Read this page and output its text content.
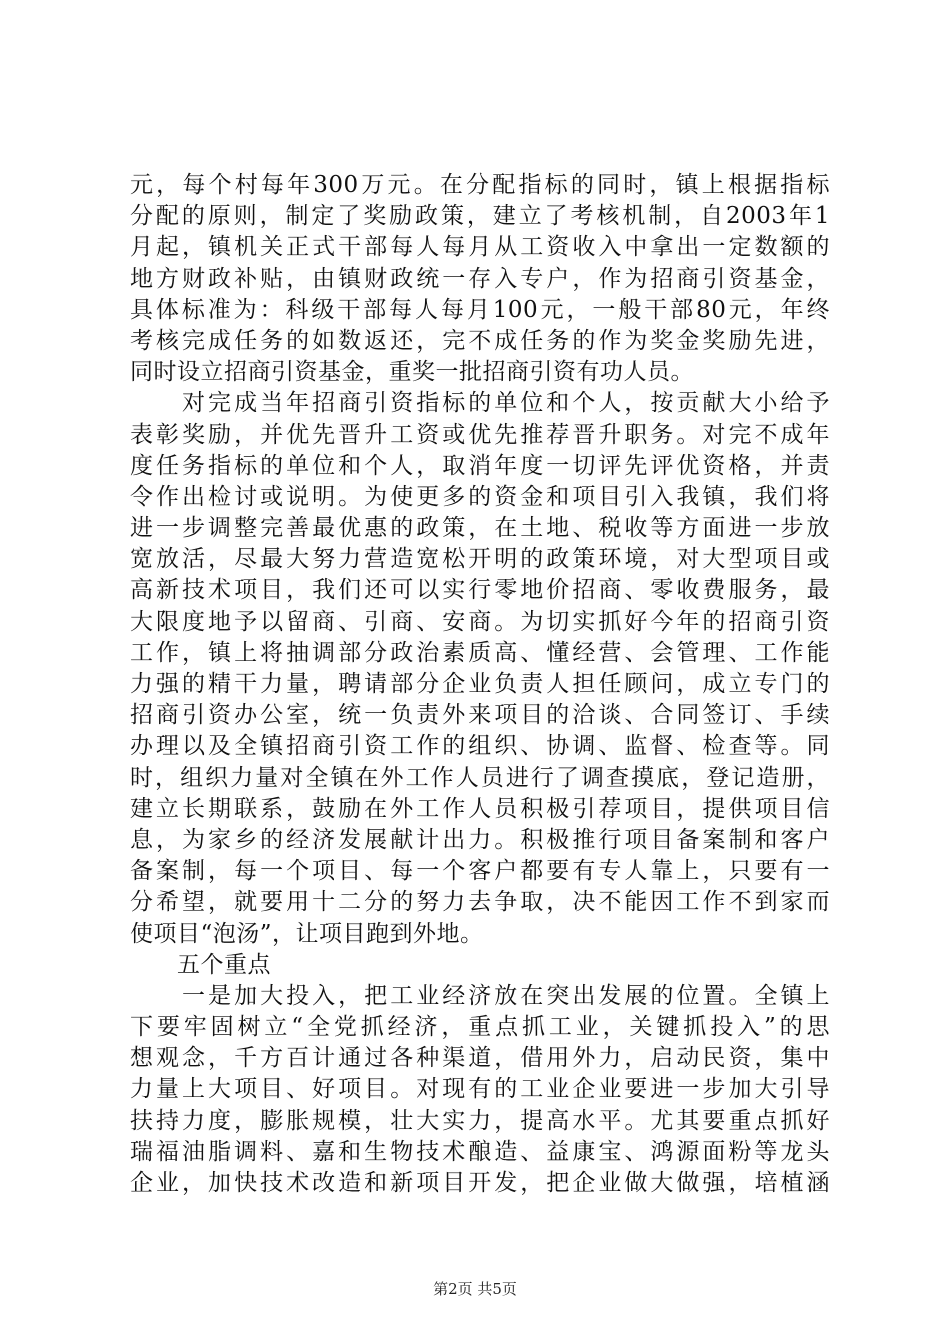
元，每个村每年300万元。在分配指标的同时，镇上根据指标
分配的原则，制定了奖励政策，建立了考核机制，自2003年1
月起，镇机关正式干部每人每月从工资收入中拿出一定数额的
地方财政补贴，由镇财政统一存入专户，作为招商引资基金，
具体标准为：科级干部每人每月100元，一般干部80元，年终
考核完成任务的如数返还，完不成任务的作为奖金奖励先进，
同时设立招商引资基金，重奖一批招商引资有功人员。
　　对完成当年招商引资指标的单位和个人，按贡献大小给予
表彰奖励，并优先晋升工资或优先推荐晋升职务。对完不成年
度任务指标的单位和个人，取消年度一切评先评优资格，并责
令作出检讨或说明。为使更多的资金和项目引入我镇，我们将
进一步调整完善最优惠的政策，在土地、税收等方面进一步放
宽放活，尽最大努力营造宽松开明的政策环境，对大型项目或
高新技术项目，我们还可以实行零地价招商、零收费服务，最
大限度地予以留商、引商、安商。为切实抓好今年的招商引资
工作，镇上将抽调部分政治素质高、懂经营、会管理、工作能
力强的精干力量，聘请部分企业负责人担任顾问，成立专门的
招商引资办公室，统一负责外来项目的洽谈、合同签订、手续
办理以及全镇招商引资工作的组织、协调、监督、检查等。同
时，组织力量对全镇在外工作人员进行了调查摸底，登记造册，
建立长期联系，鼓励在外工作人员积极引荐项目，提供项目信
息，为家乡的经济发展献计出力。积极推行项目备案制和客户
备案制，每一个项目、每一个客户都要有专人靠上，只要有一
分希望，就要用十二分的努力去争取，决不能因工作不到家而
使项目“泡汤”，让项目跑到外地。
　　五个重点
　　一是加大投入，把工业经济放在突出发展的位置。全镇上
下要牢固树立“全党抓经济，重点抓工业，关键抓投入”的思
想观念，千方百计通过各种渠道，借用外力，启动民资，集中
力量上大项目、好项目。对现有的工业企业要进一步加大引导
扶持力度，膨胀规模，壮大实力，提高水平。尤其要重点抓好
瑞福油脂调料、嘉和生物技术酿造、益康宝、鸿源面粉等龙头
企业，加快技术改造和新项目开发，把企业做大做强，培植涵
第2页 共5页
